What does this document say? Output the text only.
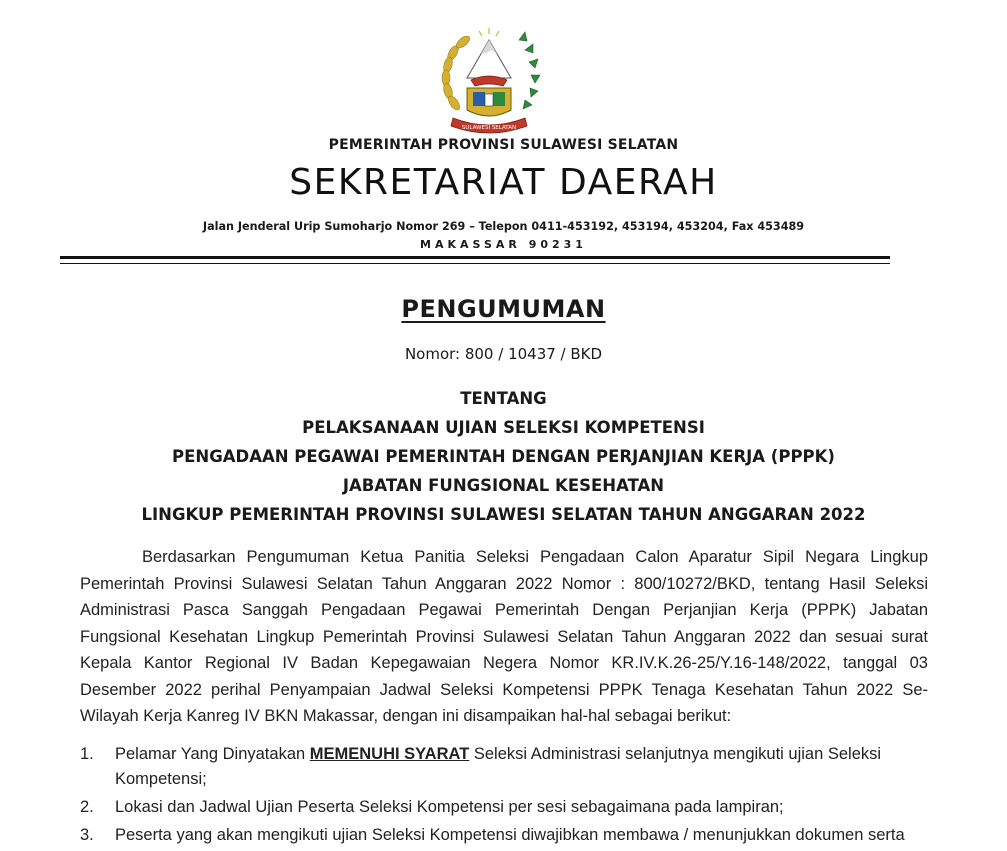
SULAWESI SELATAN
PEMERINTAH PROVINSI SULAWESI SELATAN
SEKRETARIAT DAERAH
Jalan Jenderal Urip Sumoharjo Nomor 269 – Telepon 0411-453192, 453194, 453204, Fax 453489
MAKASSAR 90231
PENGUMUMAN
Nomor: 800 / 10437 / BKD
TENTANG
PELAKSANAAN UJIAN SELEKSI KOMPETENSI
PENGADAAN PEGAWAI PEMERINTAH DENGAN PERJANJIAN KERJA (PPPK)
JABATAN FUNGSIONAL KESEHATAN
LINGKUP PEMERINTAH PROVINSI SULAWESI SELATAN TAHUN ANGGARAN 2022
Berdasarkan Pengumuman Ketua Panitia Seleksi Pengadaan Calon Aparatur Sipil Negara Lingkup Pemerintah Provinsi Sulawesi Selatan Tahun Anggaran 2022 Nomor : 800/10272/BKD, tentang Hasil Seleksi Administrasi Pasca Sanggah Pengadaan Pegawai Pemerintah Dengan Perjanjian Kerja (PPPK) Jabatan Fungsional Kesehatan Lingkup Pemerintah Provinsi Sulawesi Selatan Tahun Anggaran 2022 dan sesuai surat Kepala Kantor Regional IV Badan Kepegawaian Negera Nomor KR.IV.K.26-25/Y.16-148/2022, tanggal 03 Desember 2022 perihal Penyampaian Jadwal Seleksi Kompetensi PPPK Tenaga Kesehatan Tahun 2022 Se-Wilayah Kerja Kanreg IV BKN Makassar, dengan ini disampaikan hal-hal sebagai berikut:
1. Pelamar Yang Dinyatakan MEMENUHI SYARAT Seleksi Administrasi selanjutnya mengikuti ujian Seleksi Kompetensi;
2. Lokasi dan Jadwal Ujian Peserta Seleksi Kompetensi per sesi sebagaimana pada lampiran;
3. Peserta yang akan mengikuti ujian Seleksi Kompetensi diwajibkan membawa / menunjukkan dokumen serta
